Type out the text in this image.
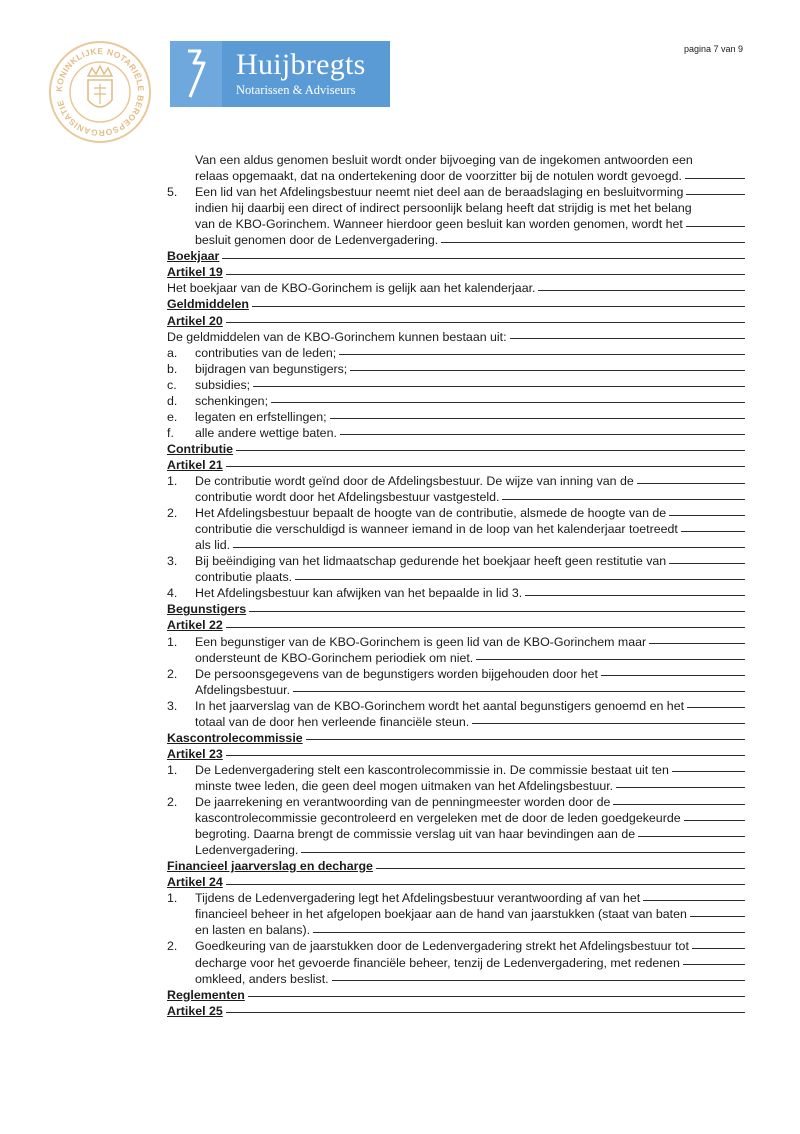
KONINKLIJKE NOTARIËLE BEROEPSORGANISATIE
Huijbregts
Notarissen & Adviseurs
pagina 7 van 9
Van een aldus genomen besluit wordt onder bijvoeging van de ingekomen antwoorden een
relaas opgemaakt, dat na ondertekening door de voorzitter bij de notulen wordt gevoegd.
5.	Een lid van het Afdelingsbestuur neemt niet deel aan de beraadslaging en besluitvorming
indien hij daarbij een direct of indirect persoonlijk belang heeft dat strijdig is met het belang
van de KBO-Gorinchem. Wanneer hierdoor geen besluit kan worden genomen, wordt het
besluit genomen door de Ledenvergadering.
Boekjaar
Artikel 19
Het boekjaar van de KBO-Gorinchem is gelijk aan het kalenderjaar.
Geldmiddelen
Artikel 20
De geldmiddelen van de KBO-Gorinchem kunnen bestaan uit:
a.	contributies van de leden;
b.	bijdragen van begunstigers;
c.	subsidies;
d.	schenkingen;
e.	legaten en erfstellingen;
f.	alle andere wettige baten.
Contributie
Artikel 21
1.	De contributie wordt geïnd door de Afdelingsbestuur. De wijze van inning van de
contributie wordt door het Afdelingsbestuur vastgesteld.
2.	Het Afdelingsbestuur bepaalt de hoogte van de contributie, alsmede de hoogte van de
contributie die verschuldigd is wanneer iemand in de loop van het kalenderjaar toetreedt
als lid.
3.	Bij beëindiging van het lidmaatschap gedurende het boekjaar heeft geen restitutie van
contributie plaats.
4.	Het Afdelingsbestuur kan afwijken van het bepaalde in lid 3.
Begunstigers
Artikel 22
1.	Een begunstiger van de KBO-Gorinchem is geen lid van de KBO-Gorinchem maar
ondersteunt de KBO-Gorinchem periodiek om niet.
2.	De persoonsgegevens van de begunstigers worden bijgehouden door het
Afdelingsbestuur.
3.	In het jaarverslag van de KBO-Gorinchem wordt het aantal begunstigers genoemd en het
totaal van de door hen verleende financiële steun.
Kascontrolecommissie
Artikel 23
1.	De Ledenvergadering stelt een kascontrolecommissie in. De commissie bestaat uit ten
minste twee leden, die geen deel mogen uitmaken van het Afdelingsbestuur.
2.	De jaarrekening en verantwoording van de penningmeester worden door de
kascontrolecommissie gecontroleerd en vergeleken met de door de leden goedgekeurde
begroting. Daarna brengt de commissie verslag uit van haar bevindingen aan de
Ledenvergadering.
Financieel jaarverslag en decharge
Artikel 24
1.	Tijdens de Ledenvergadering legt het Afdelingsbestuur verantwoording af van het
financieel beheer in het afgelopen boekjaar aan de hand van jaarstukken (staat van baten
en lasten en balans).
2.	Goedkeuring van de jaarstukken door de Ledenvergadering strekt het Afdelingsbestuur tot
decharge voor het gevoerde financiële beheer, tenzij de Ledenvergadering, met redenen
omkleed, anders beslist.
Reglementen
Artikel 25
